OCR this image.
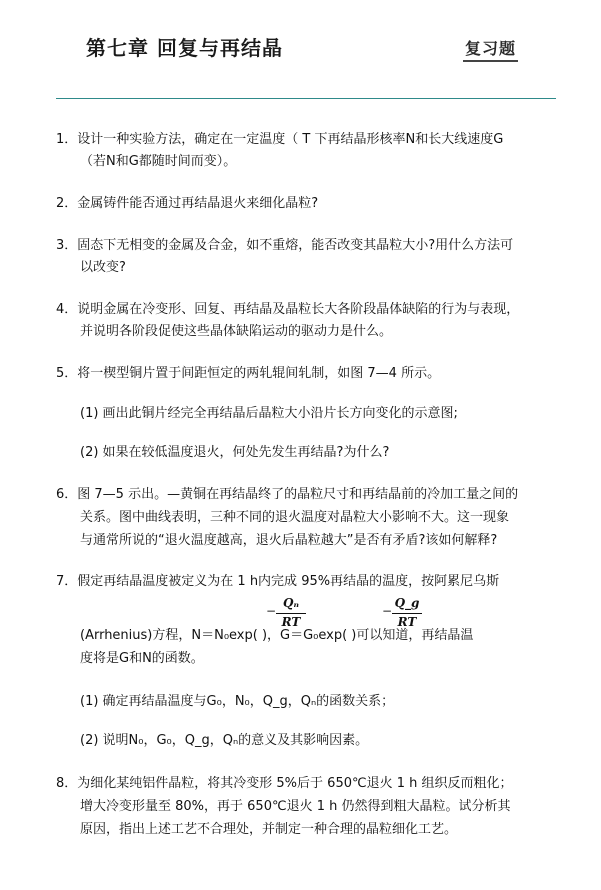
第七章 回复与再结晶	复习题
1．设计一种实验方法，确定在一定温度（ T 下再结晶形核率N和长大线速度G
（若N和G都随时间而变）。
2．金属铸件能否通过再结晶退火来细化晶粒?
3．固态下无相变的金属及合金，如不重熔，能否改变其晶粒大小?用什么方法可
以改变?
4．说明金属在冷变形、回复、再结晶及晶粒长大各阶段晶体缺陷的行为与表现，
并说明各阶段促使这些晶体缺陷运动的驱动力是什么。
5．将一楔型铜片置于间距恒定的两轧辊间轧制，如图 7—4 所示。
(1) 画出此铜片经完全再结晶后晶粒大小沿片长方向变化的示意图;
(2) 如果在较低温度退火，何处先发生再结晶?为什么?
6．图 7—5 示出。—黄铜在再结晶终了的晶粒尺寸和再结晶前的冷加工量之间的
关系。图中曲线表明，三种不同的退火温度对晶粒大小影响不大。这一现象
与通常所说的“退火温度越高，退火后晶粒越大”是否有矛盾?该如何解释?
7．假定再结晶温度被定义为在 1 h内完成 95%再结晶的温度，按阿累尼乌斯
−
Qₙ
RT
−
Q_g
RT
(Arrhenius)方程，N＝N₀exp( )，G＝G₀exp( )可以知道，再结晶温
度将是G和N的函数。
(1) 确定再结晶温度与G₀，N₀，Q_g，Qₙ的函数关系；
(2) 说明N₀，G₀，Q_g，Qₙ的意义及其影响因素。
8．为细化某纯铝件晶粒，将其冷变形 5%后于 650℃退火 1 h 组织反而粗化；
增大冷变形量至 80%，再于 650℃退火 1 h 仍然得到粗大晶粒。试分析其
原因，指出上述工艺不合理处，并制定一种合理的晶粒细化工艺。
